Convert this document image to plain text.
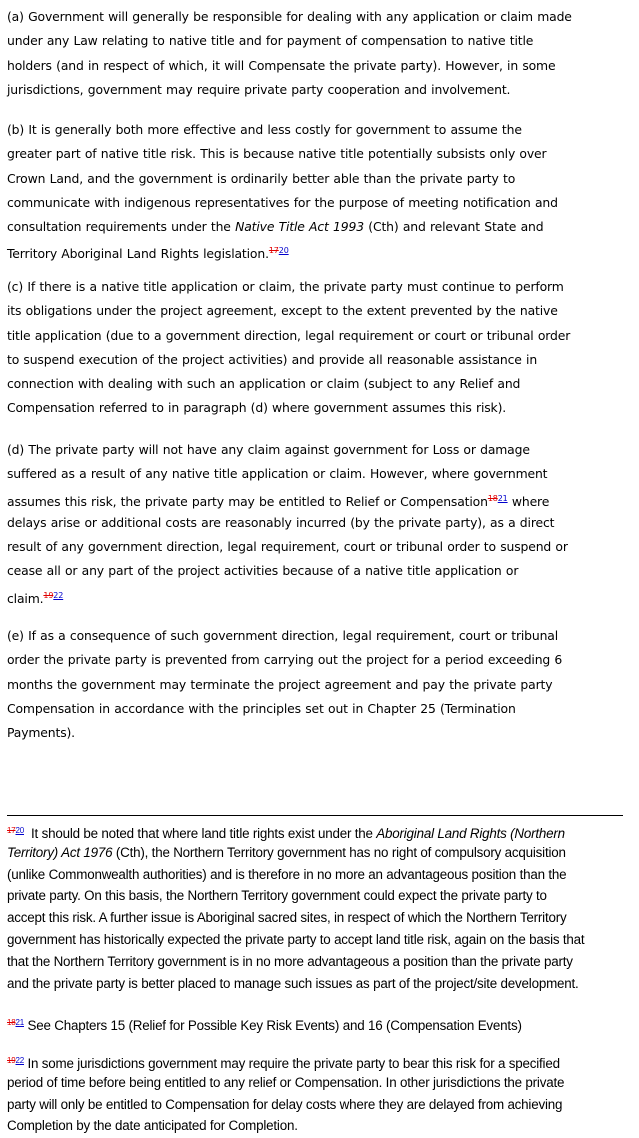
(a) Government will generally be responsible for dealing with any application or claim made
under any Law relating to native title and for payment of compensation to native title
holders (and in respect of which, it will Compensate the private party). However, in some
jurisdictions, government may require private party cooperation and involvement.
(b) It is generally both more effective and less costly for government to assume the
greater part of native title risk. This is because native title potentially subsists only over
Crown Land, and the government is ordinarily better able than the private party to
communicate with indigenous representatives for the purpose of meeting notification and
consultation requirements under the Native Title Act 1993 (Cth) and relevant State and
Territory Aboriginal Land Rights legislation.$^{1720}$
(c) If there is a native title application or claim, the private party must continue to perform
its obligations under the project agreement, except to the extent prevented by the native
title application (due to a government direction, legal requirement or court or tribunal order
to suspend execution of the project activities) and provide all reasonable assistance in
connection with dealing with such an application or claim (subject to any Relief and
Compensation referred to in paragraph (d) where government assumes this risk).
(d) The private party will not have any claim against government for Loss or damage
suffered as a result of any native title application or claim. However, where government
assumes this risk, the private party may be entitled to Relief or Compensation$^{1821}$ where
delays arise or additional costs are reasonably incurred (by the private party), as a direct
result of any government direction, legal requirement, court or tribunal order to suspend or
cease all or any part of the project activities because of a native title application or
claim.$^{1922}$
(e) If as a consequence of such government direction, legal requirement, court or tribunal
order the private party is prevented from carrying out the project for a period exceeding 6
months the government may terminate the project agreement and pay the private party
Compensation in accordance with the principles set out in Chapter 25 (Termination
Payments).
$^{1720}$  It should be noted that where land title rights exist under the Aboriginal Land Rights (Northern
Territory) Act 1976 (Cth), the Northern Territory government has no right of compulsory acquisition
(unlike Commonwealth authorities) and is therefore in no more an advantageous position than the
private party. On this basis, the Northern Territory government could expect the private party to
accept this risk. A further issue is Aboriginal sacred sites, in respect of which the Northern Territory
government has historically expected the private party to accept land title risk, again on the basis that
that the Northern Territory government is in no more advantageous a position than the private party
and the private party is better placed to manage such issues as part of the project/site development.
$^{1821}$ See Chapters 15 (Relief for Possible Key Risk Events) and 16 (Compensation Events)
$^{1922}$ In some jurisdictions government may require the private party to bear this risk for a specified
period of time before being entitled to any relief or Compensation. In other jurisdictions the private
party will only be entitled to Compensation for delay costs where they are delayed from achieving
Completion by the date anticipated for Completion.
